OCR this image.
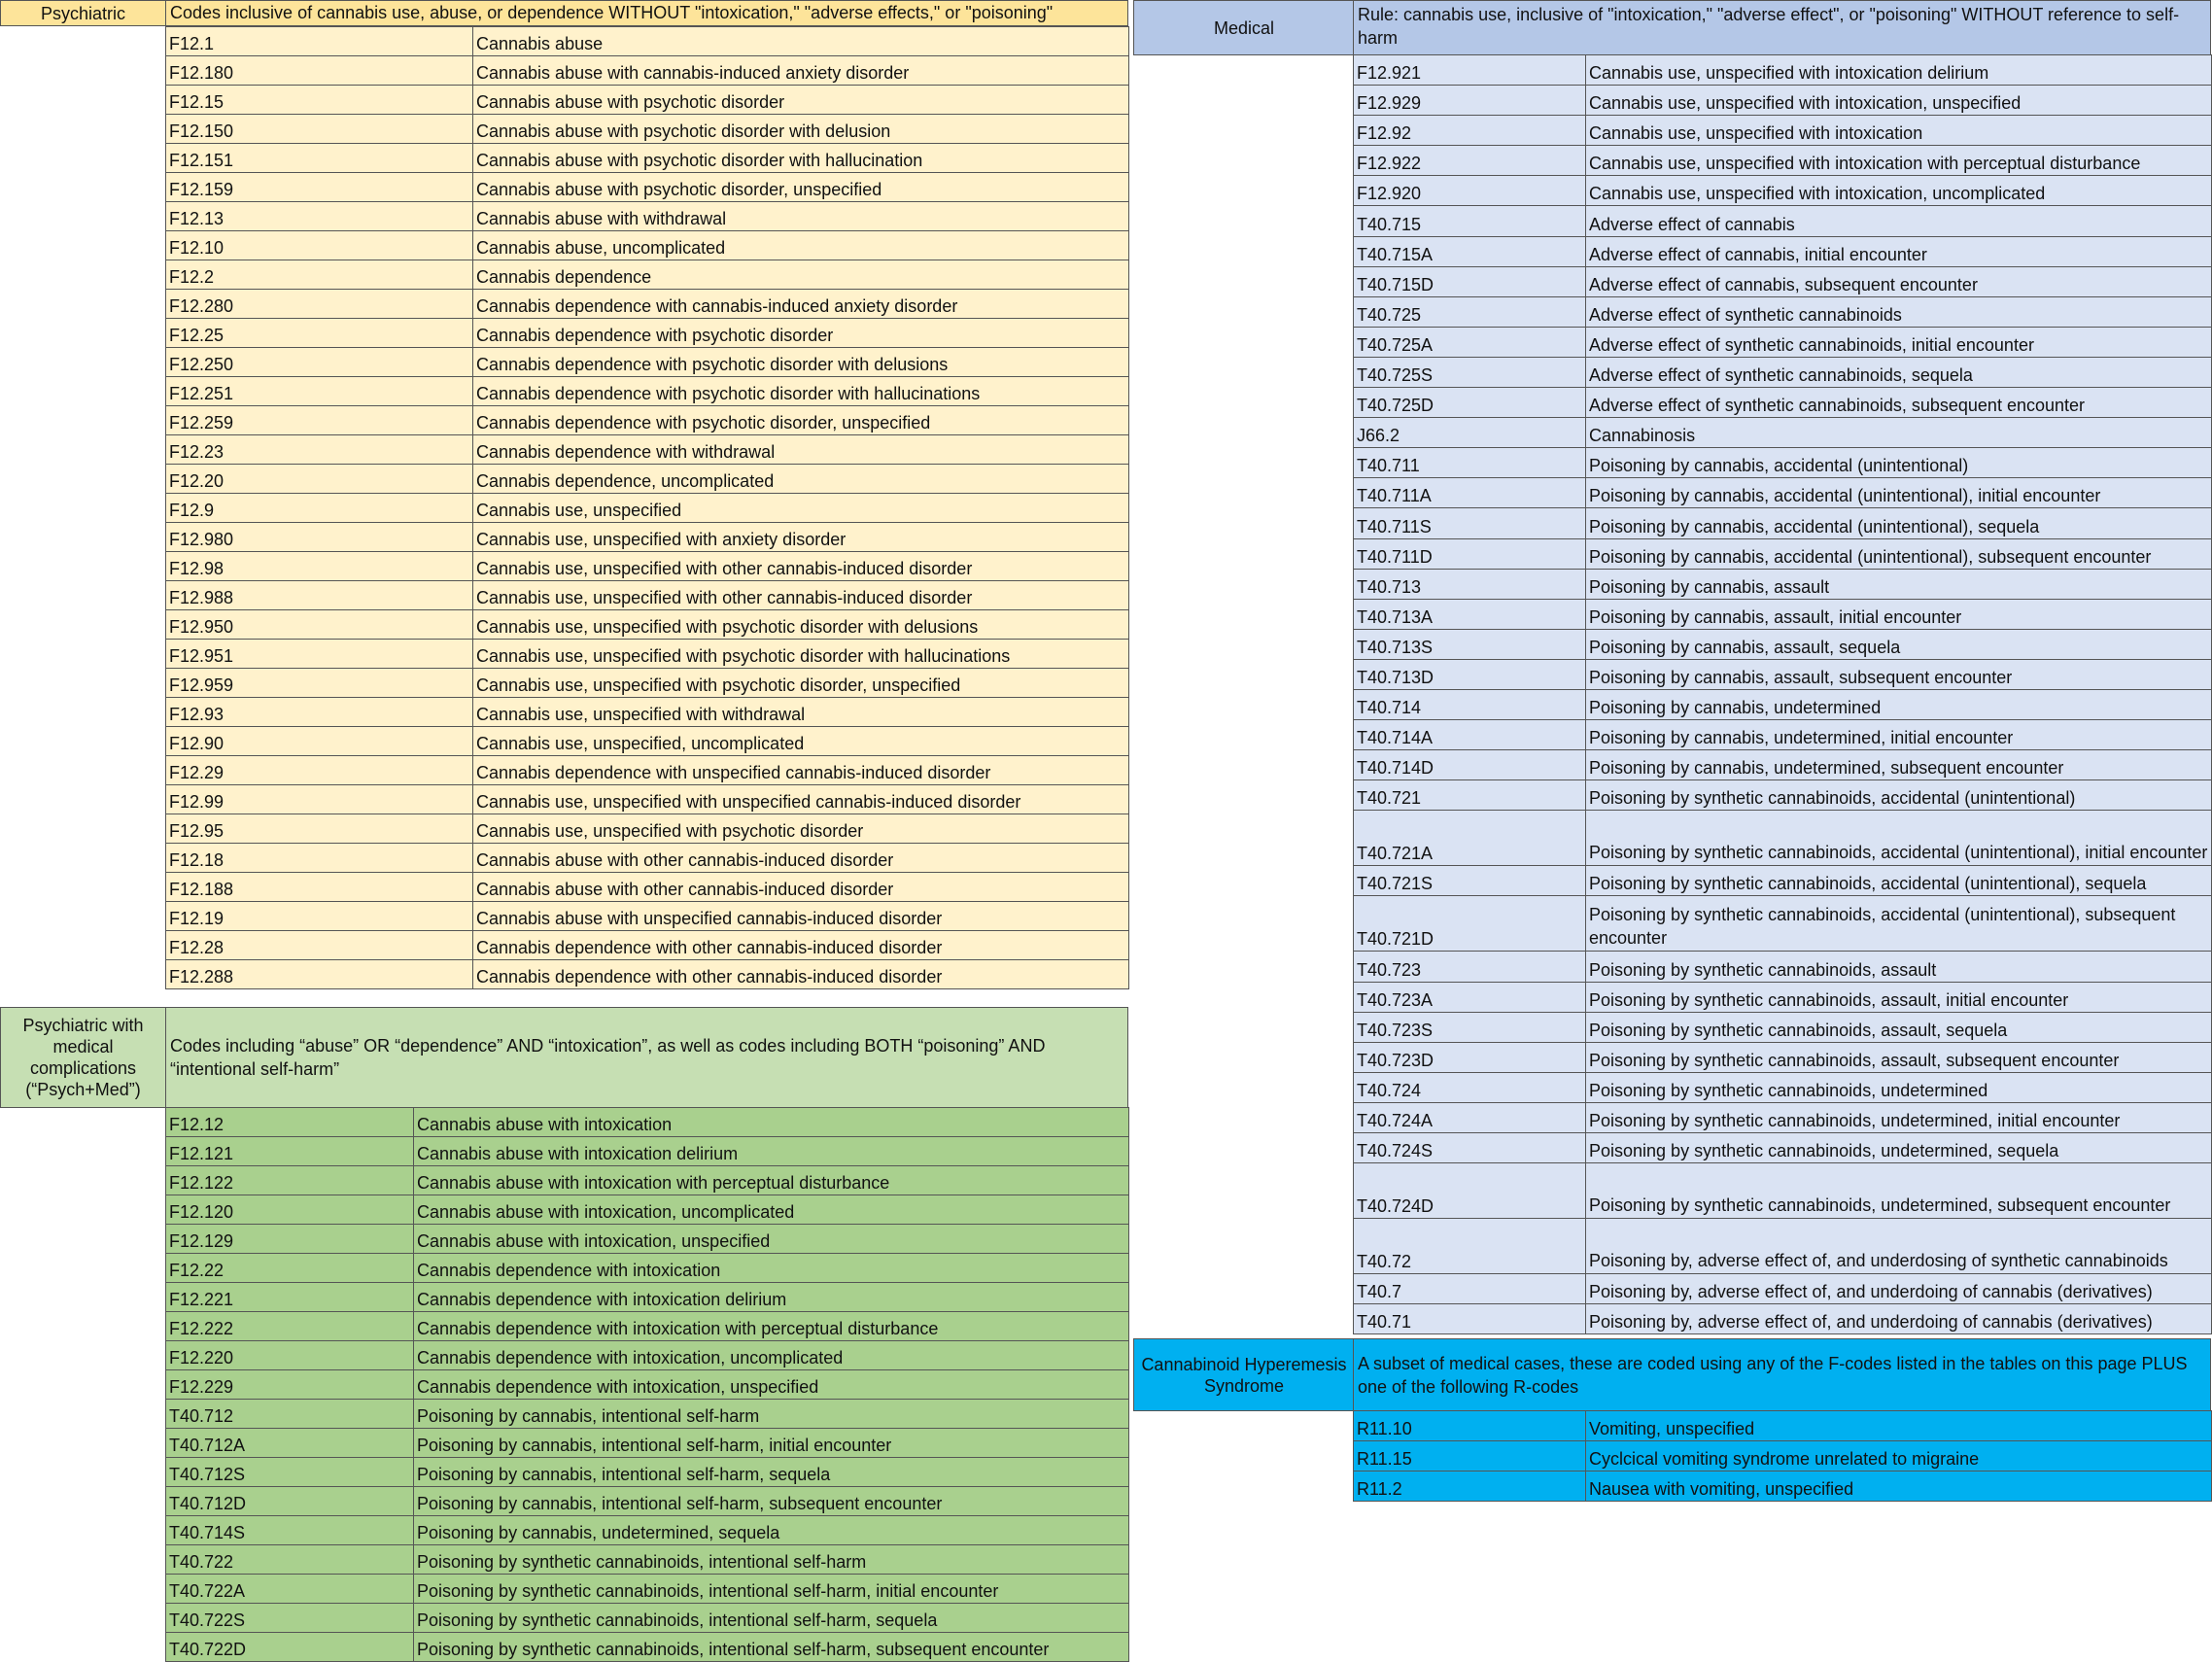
Psychiatric	Codes inclusive of cannabis use, abuse, or dependence WITHOUT "intoxication," "adverse effects," or "poisoning"
F12.1	Cannabis abuse
F12.180	Cannabis abuse with cannabis-induced anxiety disorder
F12.15	Cannabis abuse with psychotic disorder
F12.150	Cannabis abuse with psychotic disorder with delusion
F12.151	Cannabis abuse with psychotic disorder with hallucination
F12.159	Cannabis abuse with psychotic disorder, unspecified
F12.13	Cannabis abuse with withdrawal
F12.10	Cannabis abuse, uncomplicated
F12.2	Cannabis dependence
F12.280	Cannabis dependence with cannabis-induced anxiety disorder
F12.25	Cannabis dependence with psychotic disorder
F12.250	Cannabis dependence with psychotic disorder with delusions
F12.251	Cannabis dependence with psychotic disorder with hallucinations
F12.259	Cannabis dependence with psychotic disorder, unspecified
F12.23	Cannabis dependence with withdrawal
F12.20	Cannabis dependence, uncomplicated
F12.9	Cannabis use, unspecified
F12.980	Cannabis use, unspecified with anxiety disorder
F12.98	Cannabis use, unspecified with other cannabis-induced disorder
F12.988	Cannabis use, unspecified with other cannabis-induced disorder
F12.950	Cannabis use, unspecified with psychotic disorder with delusions
F12.951	Cannabis use, unspecified with psychotic disorder with hallucinations
F12.959	Cannabis use, unspecified with psychotic disorder, unspecified
F12.93	Cannabis use, unspecified with withdrawal
F12.90	Cannabis use, unspecified, uncomplicated
F12.29	Cannabis dependence with unspecified cannabis-induced disorder
F12.99	Cannabis use, unspecified with unspecified cannabis-induced disorder
F12.95	Cannabis use, unspecified with psychotic disorder
F12.18	Cannabis abuse with other cannabis-induced disorder
F12.188	Cannabis abuse with other cannabis-induced disorder
F12.19	Cannabis abuse with unspecified cannabis-induced disorder
F12.28	Cannabis dependence with other cannabis-induced disorder
F12.288	Cannabis dependence with other cannabis-induced disorder
Psychiatric with medical complications (“Psych+Med”)
Codes including “abuse” OR “dependence” AND “intoxication”, as well as codes including BOTH “poisoning” AND “intentional self-harm”
F12.12	Cannabis abuse with intoxication
F12.121	Cannabis abuse with intoxication delirium
F12.122	Cannabis abuse with intoxication with perceptual disturbance
F12.120	Cannabis abuse with intoxication, uncomplicated
F12.129	Cannabis abuse with intoxication, unspecified
F12.22	Cannabis dependence with intoxication
F12.221	Cannabis dependence with intoxication delirium
F12.222	Cannabis dependence with intoxication with perceptual disturbance
F12.220	Cannabis dependence with intoxication, uncomplicated
F12.229	Cannabis dependence with intoxication, unspecified
T40.712	Poisoning by cannabis, intentional self-harm
T40.712A	Poisoning by cannabis, intentional self-harm, initial encounter
T40.712S	Poisoning by cannabis, intentional self-harm, sequela
T40.712D	Poisoning by cannabis, intentional self-harm, subsequent encounter
T40.714S	Poisoning by cannabis, undetermined, sequela
T40.722	Poisoning by synthetic cannabinoids, intentional self-harm
T40.722A	Poisoning by synthetic cannabinoids, intentional self-harm, initial encounter
T40.722S	Poisoning by synthetic cannabinoids, intentional self-harm, sequela
T40.722D	Poisoning by synthetic cannabinoids, intentional self-harm, subsequent encounter
Medical
Rule: cannabis use, inclusive of "intoxication," "adverse effect", or "poisoning" WITHOUT reference to self-harm
F12.921	Cannabis use, unspecified with intoxication delirium
F12.929	Cannabis use, unspecified with intoxication, unspecified
F12.92	Cannabis use, unspecified with intoxication
F12.922	Cannabis use, unspecified with intoxication with perceptual disturbance
F12.920	Cannabis use, unspecified with intoxication, uncomplicated
T40.715	Adverse effect of cannabis
T40.715A	Adverse effect of cannabis, initial encounter
T40.715D	Adverse effect of cannabis, subsequent encounter
T40.725	Adverse effect of synthetic cannabinoids
T40.725A	Adverse effect of synthetic cannabinoids, initial encounter
T40.725S	Adverse effect of synthetic cannabinoids, sequela
T40.725D	Adverse effect of synthetic cannabinoids, subsequent encounter
J66.2	Cannabinosis
T40.711	Poisoning by cannabis, accidental (unintentional)
T40.711A	Poisoning by cannabis, accidental (unintentional), initial encounter
T40.711S	Poisoning by cannabis, accidental (unintentional), sequela
T40.711D	Poisoning by cannabis, accidental (unintentional), subsequent encounter
T40.713	Poisoning by cannabis, assault
T40.713A	Poisoning by cannabis, assault, initial encounter
T40.713S	Poisoning by cannabis, assault, sequela
T40.713D	Poisoning by cannabis, assault, subsequent encounter
T40.714	Poisoning by cannabis, undetermined
T40.714A	Poisoning by cannabis, undetermined, initial encounter
T40.714D	Poisoning by cannabis, undetermined, subsequent encounter
T40.721	Poisoning by synthetic cannabinoids, accidental (unintentional)
T40.721A	Poisoning by synthetic cannabinoids, accidental (unintentional), initial encounter
T40.721S	Poisoning by synthetic cannabinoids, accidental (unintentional), sequela
T40.721D	Poisoning by synthetic cannabinoids, accidental (unintentional), subsequent encounter
T40.723	Poisoning by synthetic cannabinoids, assault
T40.723A	Poisoning by synthetic cannabinoids, assault, initial encounter
T40.723S	Poisoning by synthetic cannabinoids, assault, sequela
T40.723D	Poisoning by synthetic cannabinoids, assault, subsequent encounter
T40.724	Poisoning by synthetic cannabinoids, undetermined
T40.724A	Poisoning by synthetic cannabinoids, undetermined, initial encounter
T40.724S	Poisoning by synthetic cannabinoids, undetermined, sequela
T40.724D	Poisoning by synthetic cannabinoids, undetermined, subsequent encounter
T40.72	Poisoning by, adverse effect of, and underdosing of synthetic cannabinoids
T40.7	Poisoning by, adverse effect of, and underdoing of cannabis (derivatives)
T40.71	Poisoning by, adverse effect of, and underdoing of cannabis (derivatives)
Cannabinoid Hyperemesis Syndrome
A subset of medical cases, these are coded using any of the F-codes listed in the tables on this page PLUS one of the following R-codes
R11.10	Vomiting, unspecified
R11.15	Cyclcical vomiting syndrome unrelated to migraine
R11.2	Nausea with vomiting, unspecified
